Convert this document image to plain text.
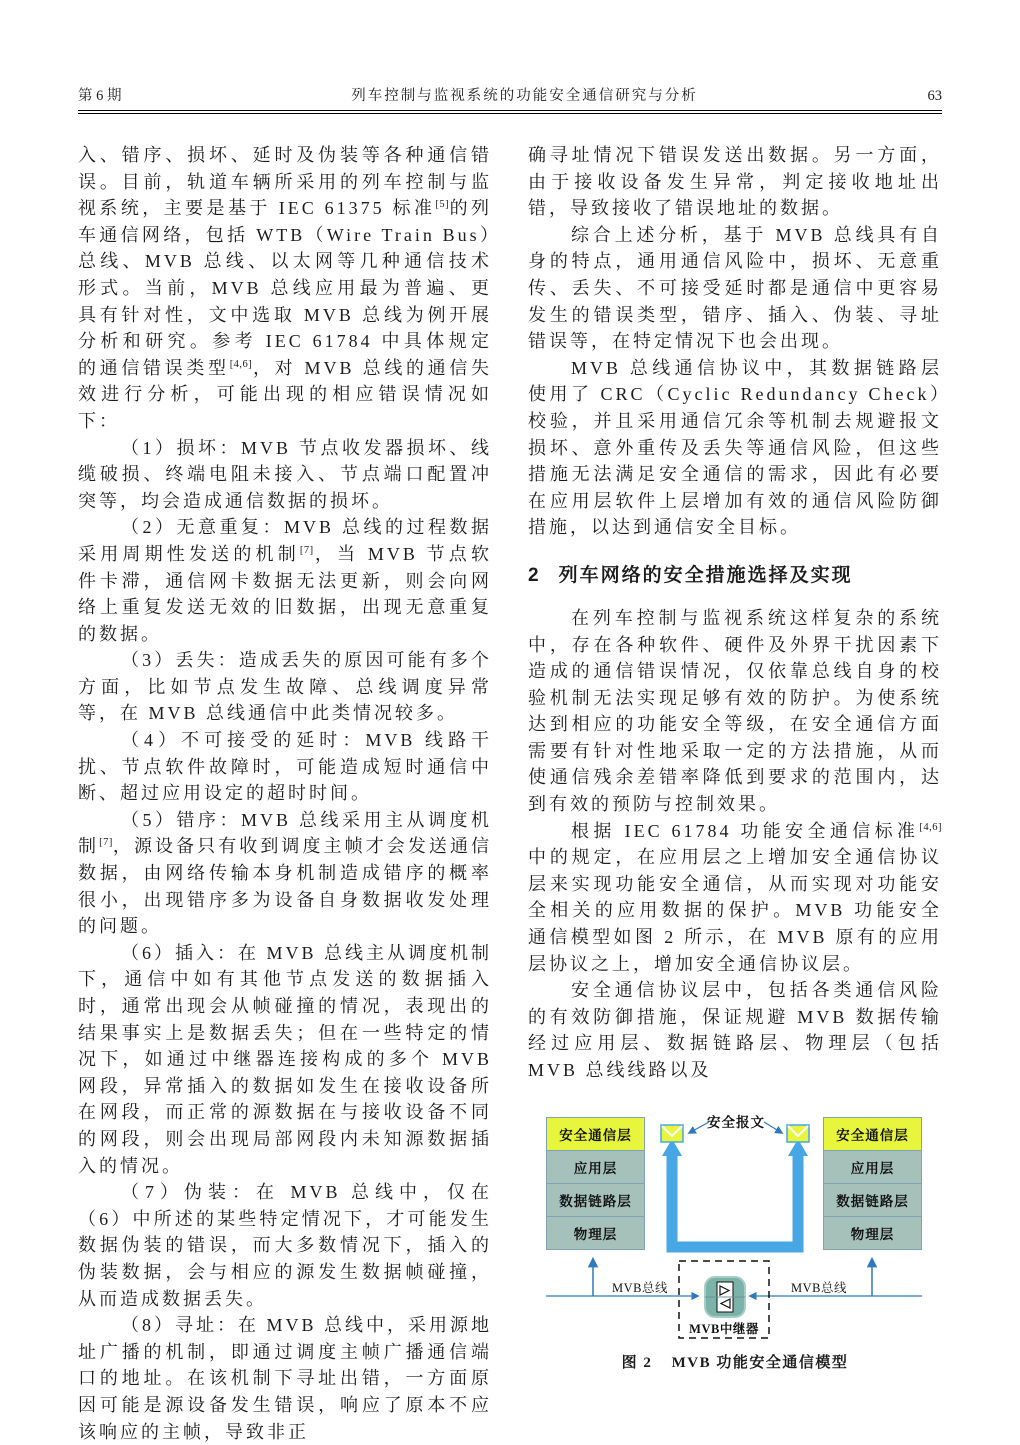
第 6 期	列车控制与监视系统的功能安全通信研究与分析	63

入、错序、损坏、延时及伪装等各种通信错误。目前，轨道车辆所采用的列车控制与监视系统，主要是基于 IEC 61375 标准[5]的列车通信网络，包括 WTB（Wire Train Bus）总线、MVB 总线、以太网等几种通信技术形式。当前，MVB 总线应用最为普遍、更具有针对性，文中选取 MVB 总线为例开展分析和研究。参考 IEC 61784 中具体规定的通信错误类型[4,6]，对 MVB 总线的通信失效进行分析，可能出现的相应错误情况如下：

（1）损坏：MVB 节点收发器损坏、线缆破损、终端电阻未接入、节点端口配置冲突等，均会造成通信数据的损坏。

（2）无意重复：MVB 总线的过程数据采用周期性发送的机制[7]，当 MVB 节点软件卡滞，通信网卡数据无法更新，则会向网络上重复发送无效的旧数据，出现无意重复的数据。

（3）丢失：造成丢失的原因可能有多个方面，比如节点发生故障、总线调度异常等，在 MVB 总线通信中此类情况较多。

（4）不可接受的延时：MVB 线路干扰、节点软件故障时，可能造成短时通信中断、超过应用设定的超时时间。

（5）错序：MVB 总线采用主从调度机制[7]，源设备只有收到调度主帧才会发送通信数据，由网络传输本身机制造成错序的概率很小，出现错序多为设备自身数据收发处理的问题。

（6）插入：在 MVB 总线主从调度机制下，通信中如有其他节点发送的数据插入时，通常出现会从帧碰撞的情况，表现出的结果事实上是数据丢失；但在一些特定的情况下，如通过中继器连接构成的多个 MVB 网段，异常插入的数据如发生在接收设备所在网段，而正常的源数据在与接收设备不同的网段，则会出现局部网段内未知源数据插入的情况。

（7）伪装：在 MVB 总线中，仅在（6）中所述的某些特定情况下，才可能发生数据伪装的错误，而大多数情况下，插入的伪装数据，会与相应的源发生数据帧碰撞，从而造成数据丢失。

（8）寻址：在 MVB 总线中，采用源地址广播的机制，即通过调度主帧广播通信端口的地址。在该机制下寻址出错，一方面原因可能是源设备发生错误，响应了原本不应该响应的主帧，导致非正

确寻址情况下错误发送出数据。另一方面，由于接收设备发生异常，判定接收地址出错，导致接收了错误地址的数据。

综合上述分析，基于 MVB 总线具有自身的特点，通用通信风险中，损坏、无意重传、丢失、不可接受延时都是通信中更容易发生的错误类型，错序、插入、伪装、寻址错误等，在特定情况下也会出现。

MVB 总线通信协议中，其数据链路层使用了 CRC（Cyclic Redundancy Check）校验，并且采用通信冗余等机制去规避报文损坏、意外重传及丢失等通信风险，但这些措施无法满足安全通信的需求，因此有必要在应用层软件上层增加有效的通信风险防御措施，以达到通信安全目标。

2 列车网络的安全措施选择及实现

在列车控制与监视系统这样复杂的系统中，存在各种软件、硬件及外界干扰因素下造成的通信错误情况，仅依靠总线自身的校验机制无法实现足够有效的防护。为使系统达到相应的功能安全等级，在安全通信方面需要有针对性地采取一定的方法措施，从而使通信残余差错率降低到要求的范围内，达到有效的预防与控制效果。

根据 IEC 61784 功能安全通信标准[4,6]中的规定，在应用层之上增加安全通信协议层来实现功能安全通信，从而实现对功能安全相关的应用数据的保护。MVB 功能安全通信模型如图 2 所示，在 MVB 原有的应用层协议之上，增加安全通信协议层。

安全通信协议层中，包括各类通信风险的有效防御措施，保证规避 MVB 数据传输经过应用层、数据链路层、物理层（包括 MVB 总线线路以及

安全通信层
应用层
数据链路层
物理层
安全通信层
应用层
数据链路层
物理层
安全报文
MVB总线	MVB总线
MVB中继器
图 2 MVB 功能安全通信模型
